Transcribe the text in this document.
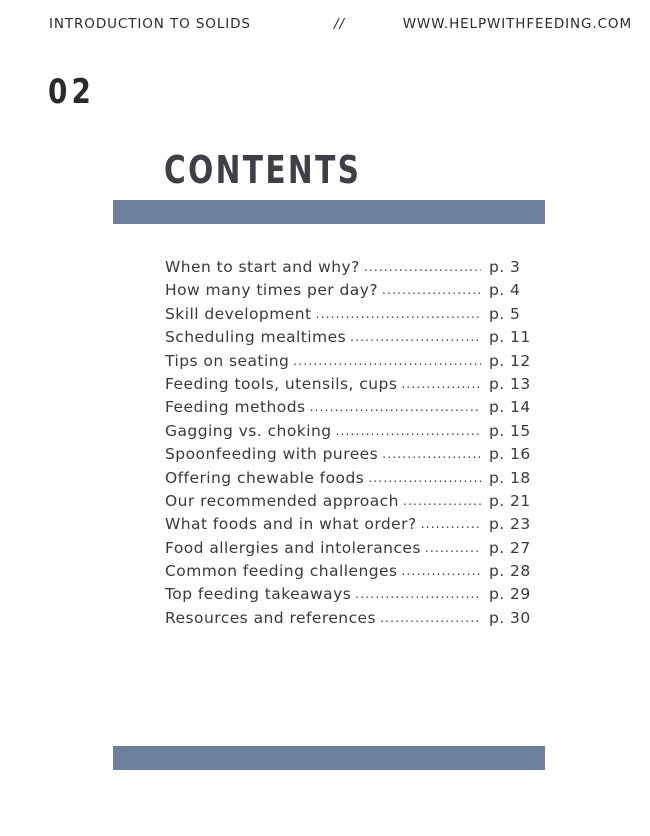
INTRODUCTION TO SOLIDS	//	WWW.HELPWITHFEEDING.COM
02
CONTENTS
When to start and why? .....	p. 3
How many times per day? .....	p. 4
Skill development .....	p. 5
Scheduling mealtimes .....	p. 11
Tips on seating .....	p. 12
Feeding tools, utensils, cups .....	p. 13
Feeding methods .....	p. 14
Gagging vs. choking .....	p. 15
Spoonfeeding with purees .....	p. 16
Offering chewable foods .....	p. 18
Our recommended approach .....	p. 21
What foods and in what order? .....	p. 23
Food allergies and intolerances .....	p. 27
Common feeding challenges .....	p. 28
Top feeding takeaways .....	p. 29
Resources and references .....	p. 30
